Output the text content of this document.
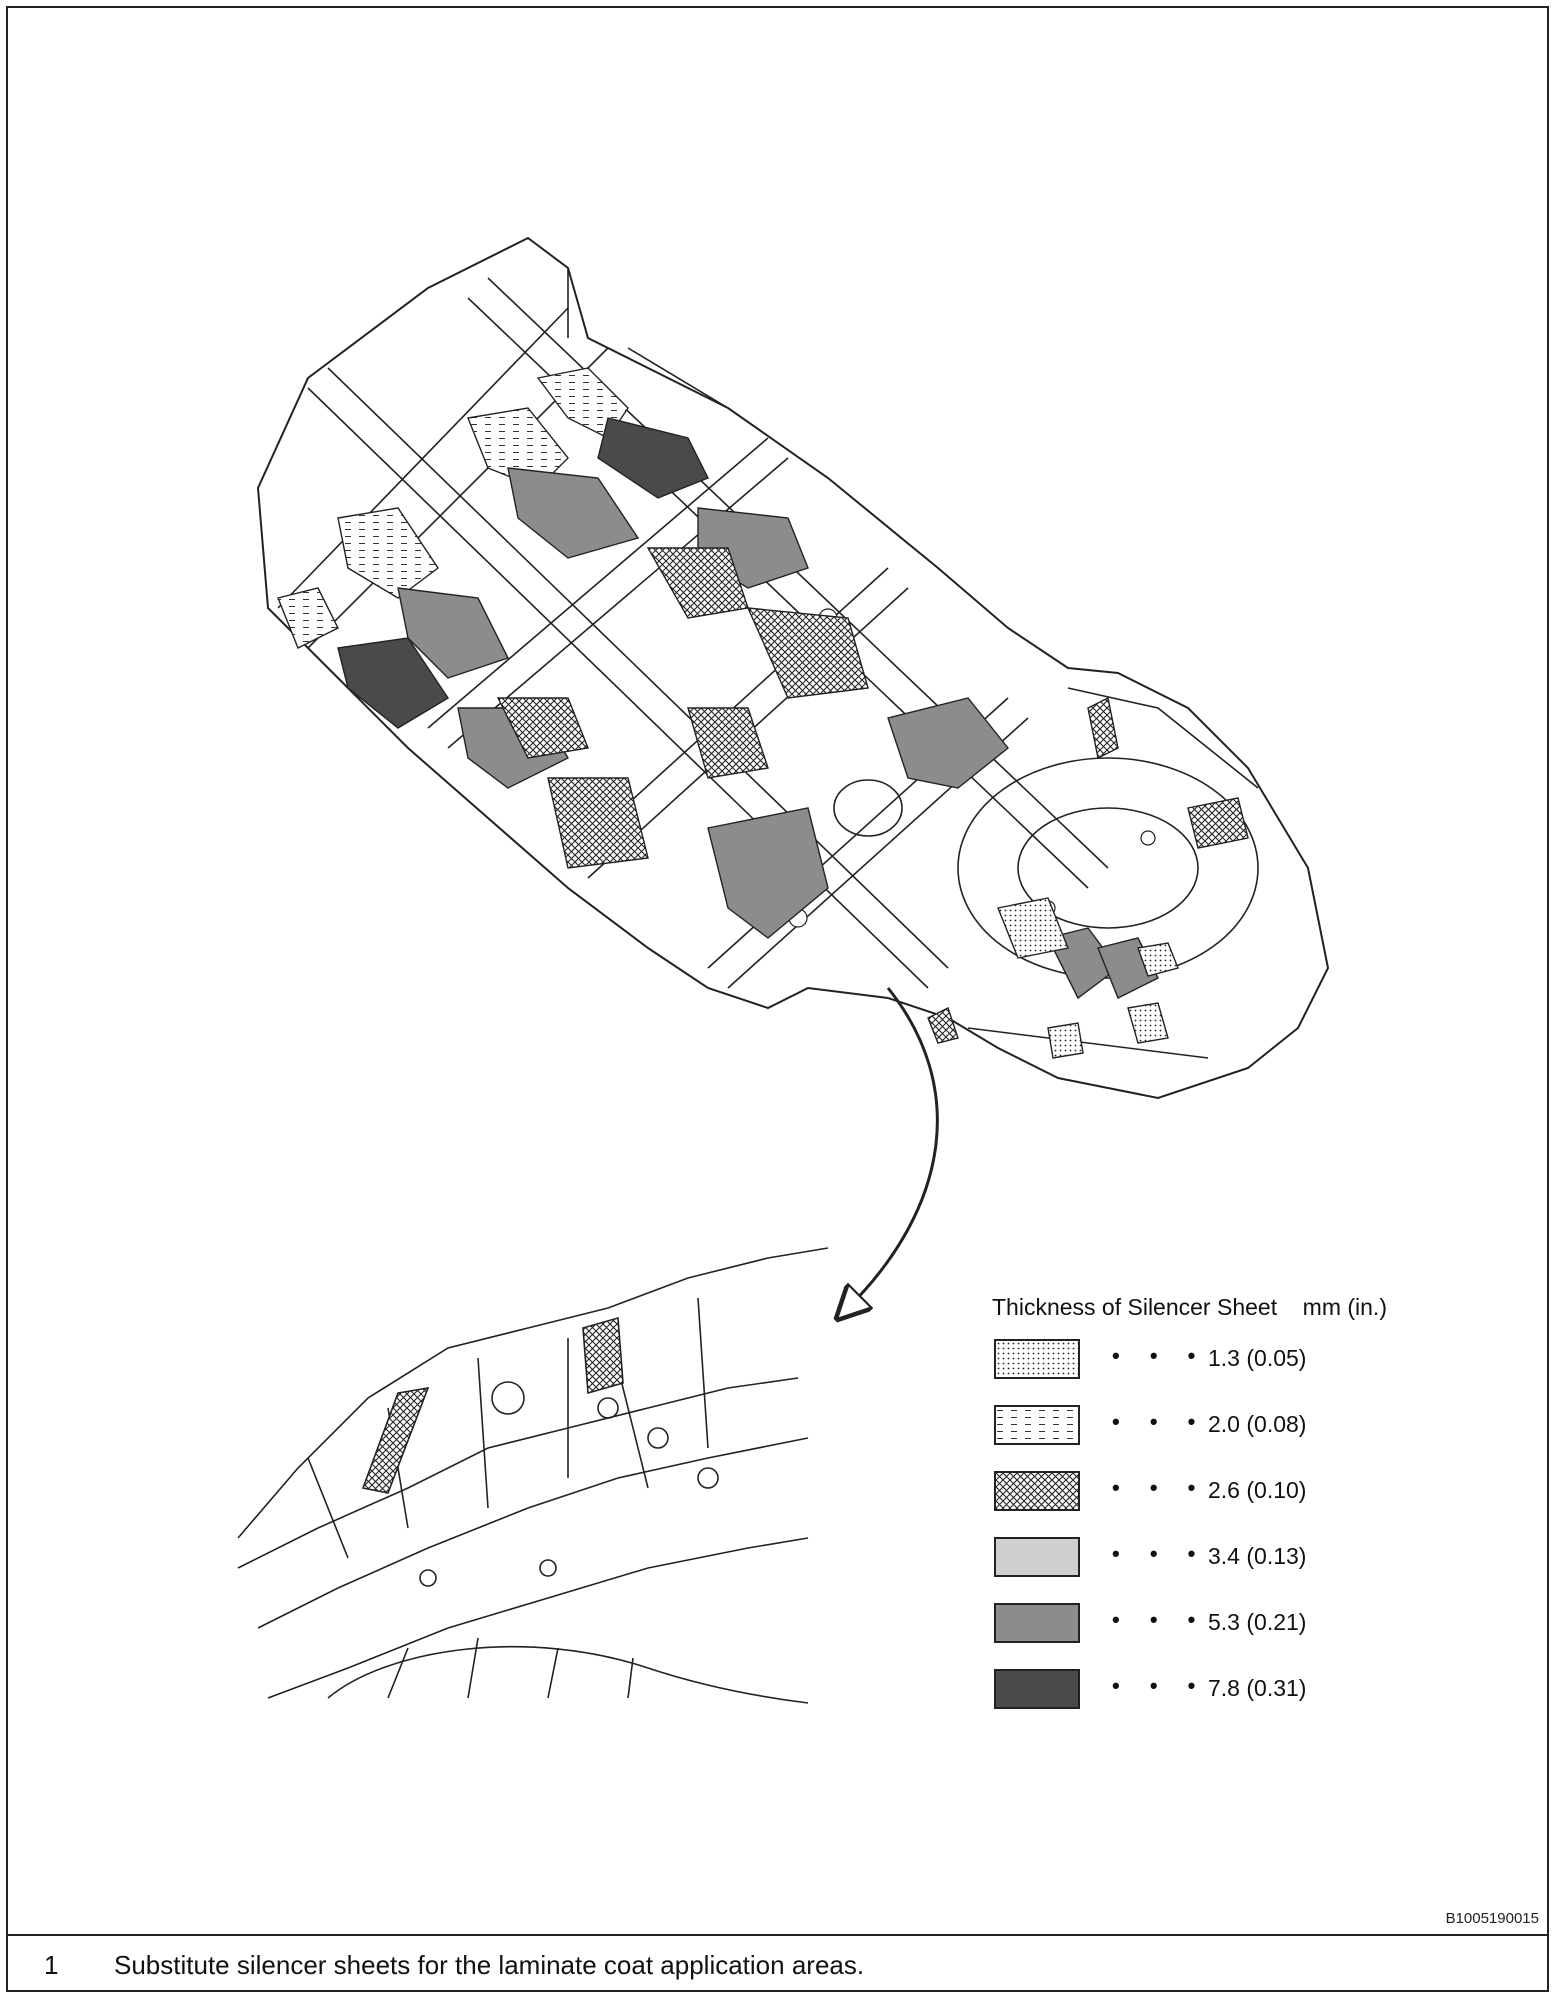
Thickness of Silencer Sheet mm (in.)
• • • 1.3 (0.05)
• • • 2.0 (0.08)
• • • 2.6 (0.10)
• • • 3.4 (0.13)
• • • 5.3 (0.21)
• • • 7.8 (0.31)
B1005190015
1 Substitute silencer sheets for the laminate coat application areas.
